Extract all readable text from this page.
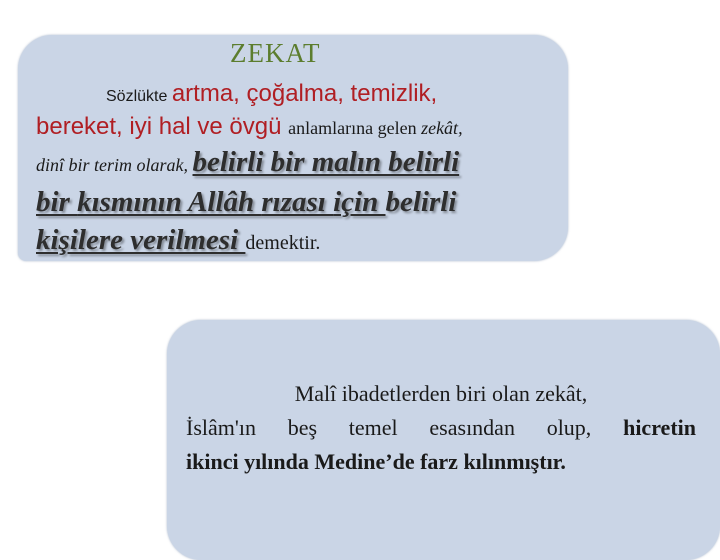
ZEKAT
Sözlükte artma, çoğalma, temizlik,
bereket, iyi hal ve övgü anlamlarına gelen zekât,
dinî bir terim olarak, belirli bir malın belirli
bir kısmının Allâh rızası için belirli
kişilere verilmesi demektir.
Malî ibadetlerden biri olan zekât,
İslâm'ın beş temel esasından olup, hicretin
ikinci yılında Medine’de farz kılınmıştır.
